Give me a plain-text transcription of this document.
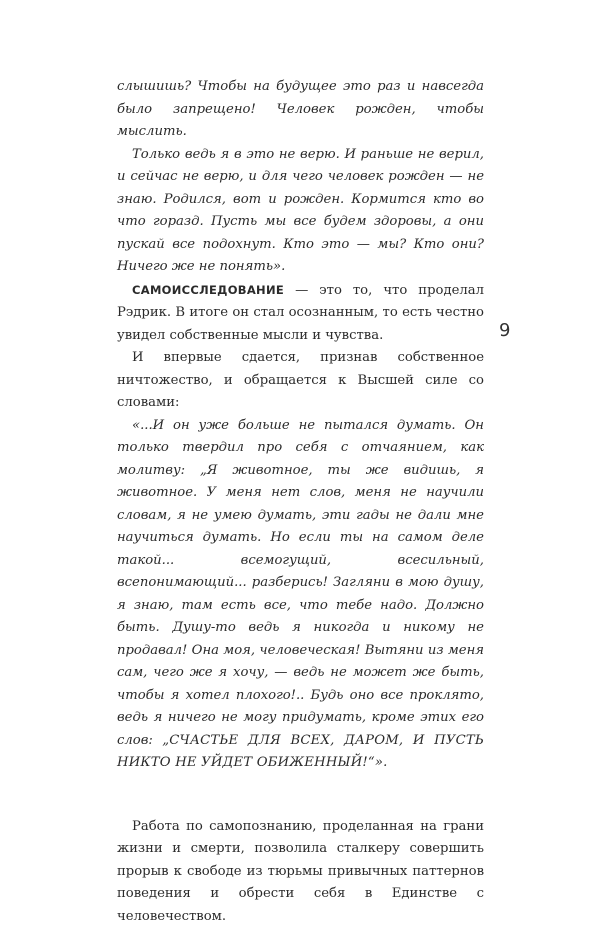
слышишь? Чтобы на будущее это раз и навсегда было запрещено! Человек рожден, чтобы мыслить.

Только ведь я в это не верю. И раньше не верил, и сейчас не верю, и для чего человек рожден — не знаю. Родился, вот и рожден. Кормится кто во что горазд. Пусть мы все будем здоровы, а они пускай все подохнут. Кто это — мы? Кто они? Ничего же не понять».

САМОИССЛЕДОВАНИЕ — это то, что проделал Рэдрик. В итоге он стал осознанным, то есть честно увидел собственные мысли и чувства.

И впервые сдается, признав собственное ничтожество, и обращается к Высшей силе со словами:

«...И он уже больше не пытался думать. Он только твердил про себя с отчаянием, как молитву: „Я животное, ты же видишь, я животное. У меня нет слов, меня не научили словам, я не умею думать, эти гады не дали мне научиться думать. Но если ты на самом деле такой... всемогущий, всесильный, всепонимающий... разберись! Загляни в мою душу, я знаю, там есть все, что тебе надо. Должно быть. Душу-то ведь я никогда и никому не продавал! Она моя, человеческая! Вытяни из меня сам, чего же я хочу, — ведь не может же быть, чтобы я хотел плохого!.. Будь оно все проклято, ведь я ничего не могу придумать, кроме этих его слов: „СЧАСТЬЕ ДЛЯ ВСЕХ, ДАРОМ, И ПУСТЬ НИКТО НЕ УЙДЕТ ОБИЖЕННЫЙ!“».

Работа по самопознанию, проделанная на грани жизни и смерти, позволила сталкеру совершить прорыв к свободе из тюрьмы привычных паттернов поведения и обрести себя в Единстве с человечеством.

9
